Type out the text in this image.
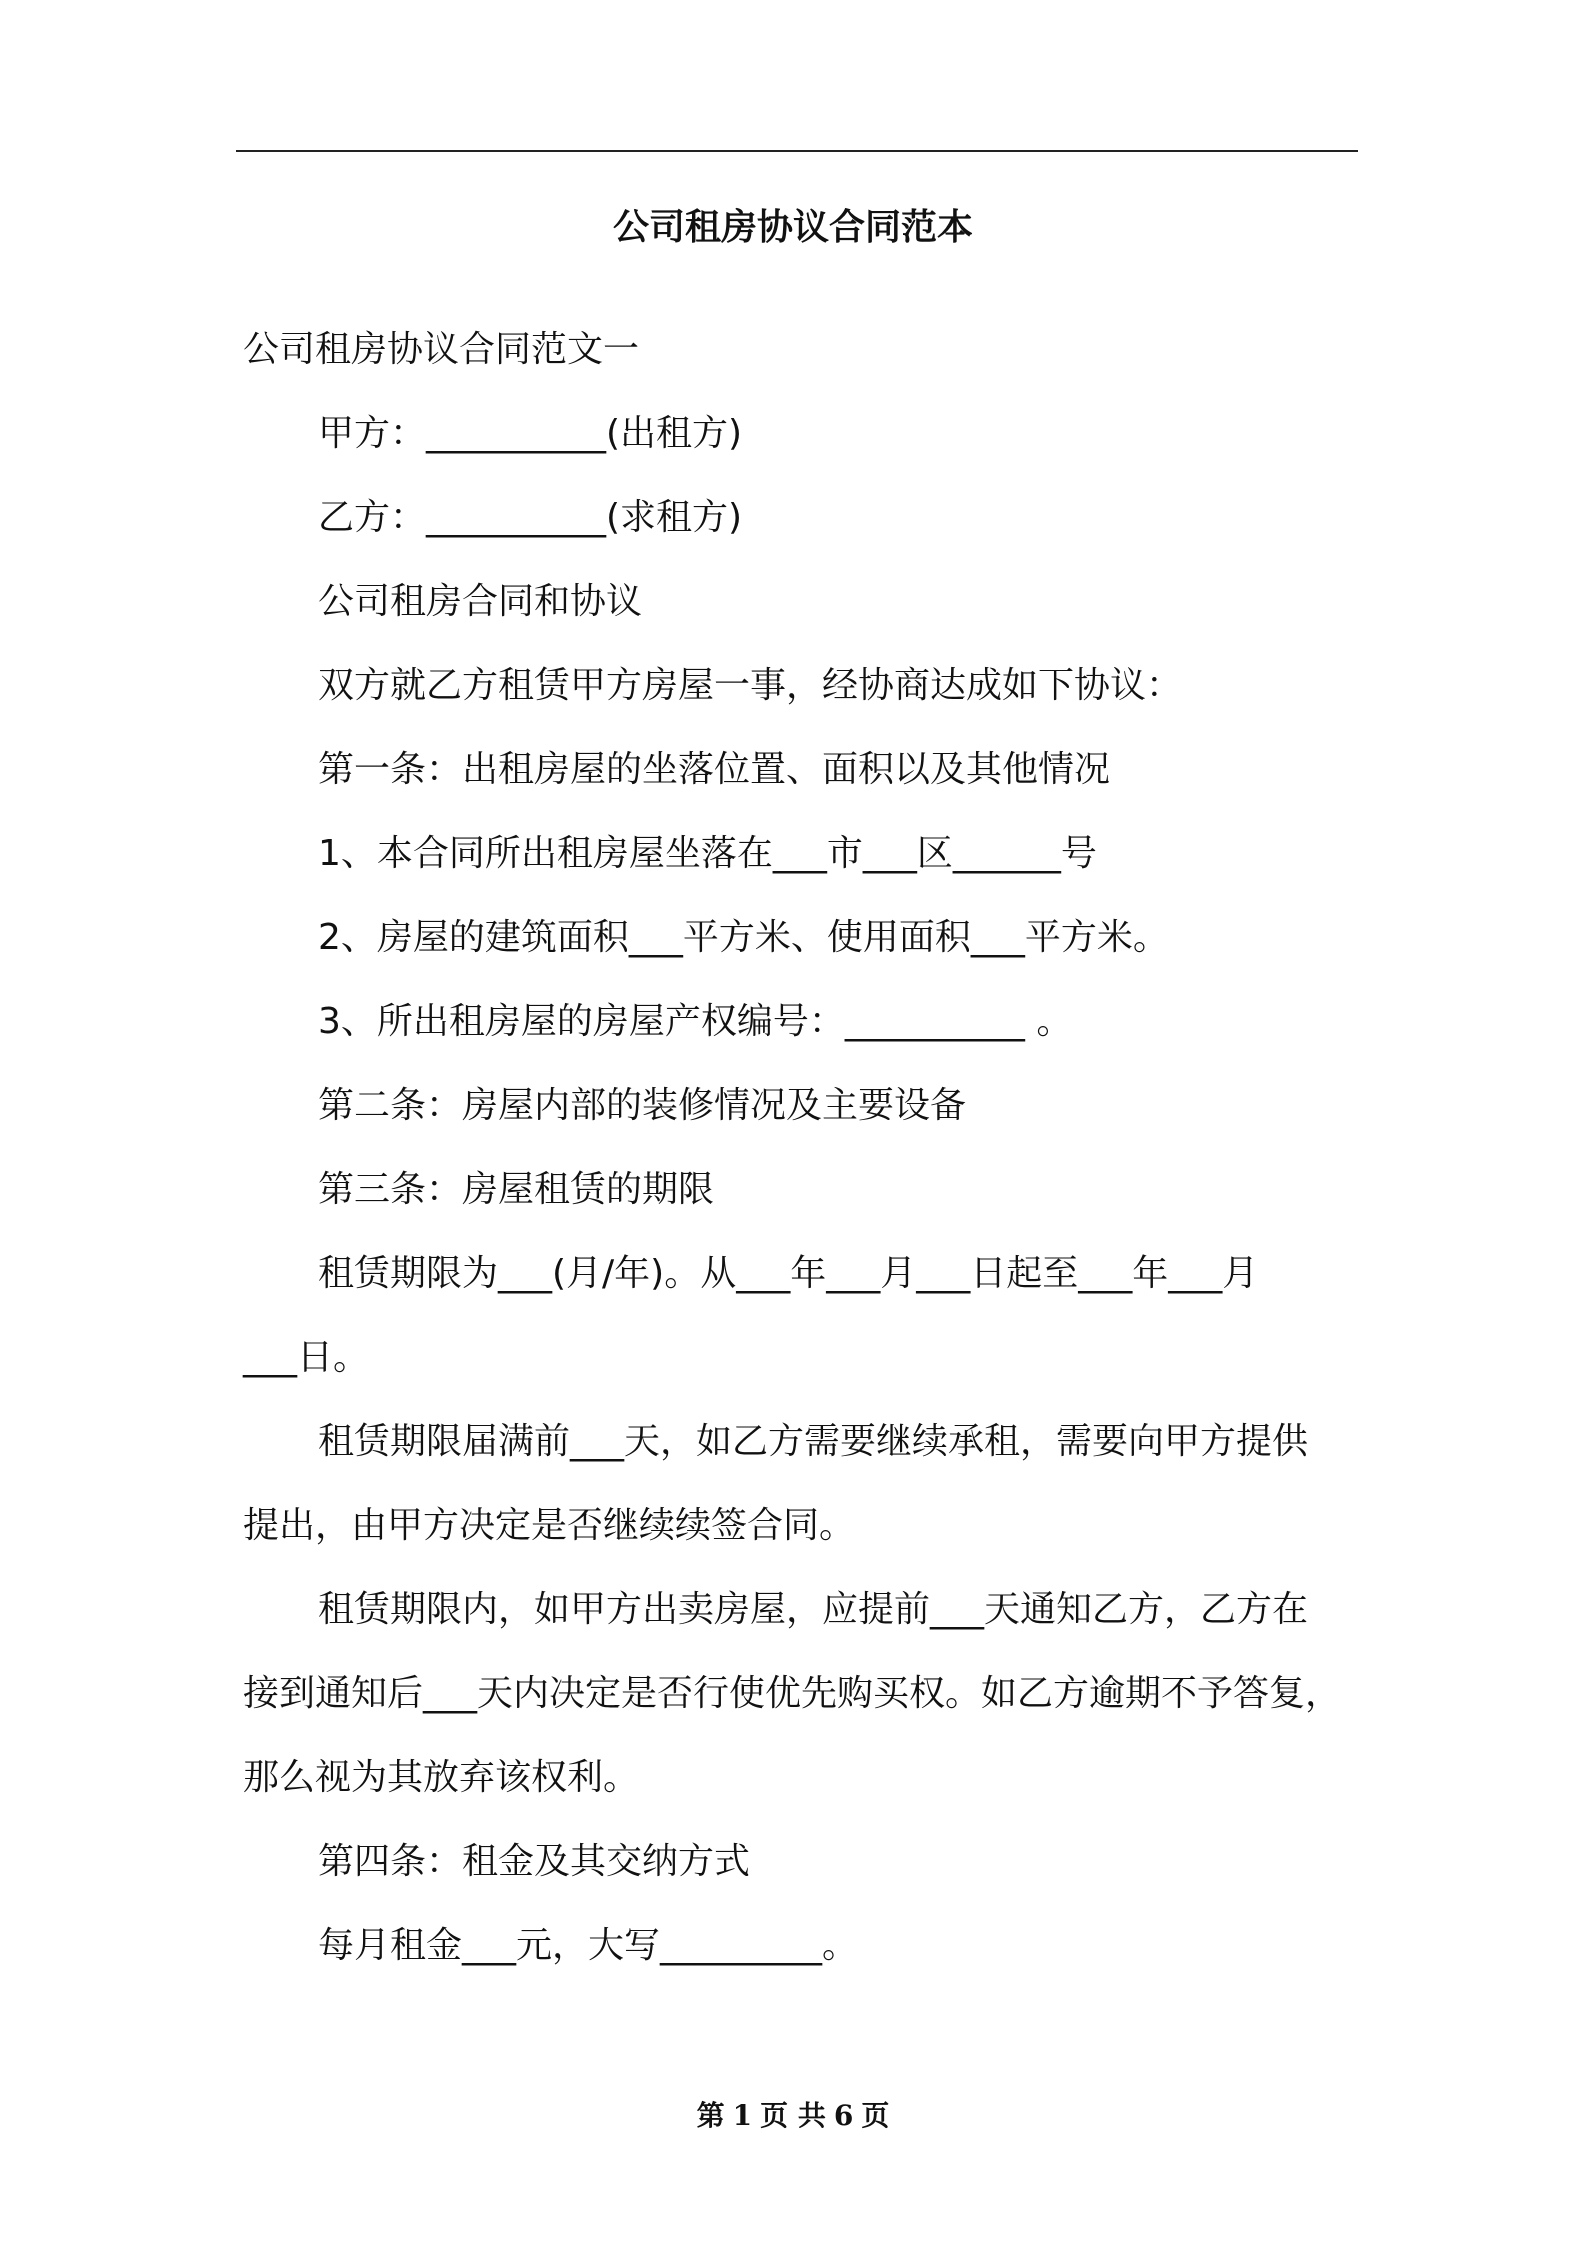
公司租房协议合同范本
公司租房协议合同范文一
甲方：__________(出租方)
乙方：__________(求租方)
公司租房合同和协议
双方就乙方租赁甲方房屋一事，经协商达成如下协议：
第一条：出租房屋的坐落位置、面积以及其他情况
1、本合同所出租房屋坐落在___市___区______号
2、房屋的建筑面积___平方米、使用面积___平方米。
3、所出租房屋的房屋产权编号：__________ 。
第二条：房屋内部的装修情况及主要设备
第三条：房屋租赁的期限
租赁期限为___(月/年)。从___年___月___日起至___年___月
___日。
租赁期限届满前___天，如乙方需要继续承租，需要向甲方提供
提出，由甲方决定是否继续续签合同。
租赁期限内，如甲方出卖房屋，应提前___天通知乙方，乙方在
接到通知后___天内决定是否行使优先购买权。如乙方逾期不予答复，
那么视为其放弃该权利。
第四条：租金及其交纳方式
每月租金___元，大写_________。
第 1 页 共 6 页
